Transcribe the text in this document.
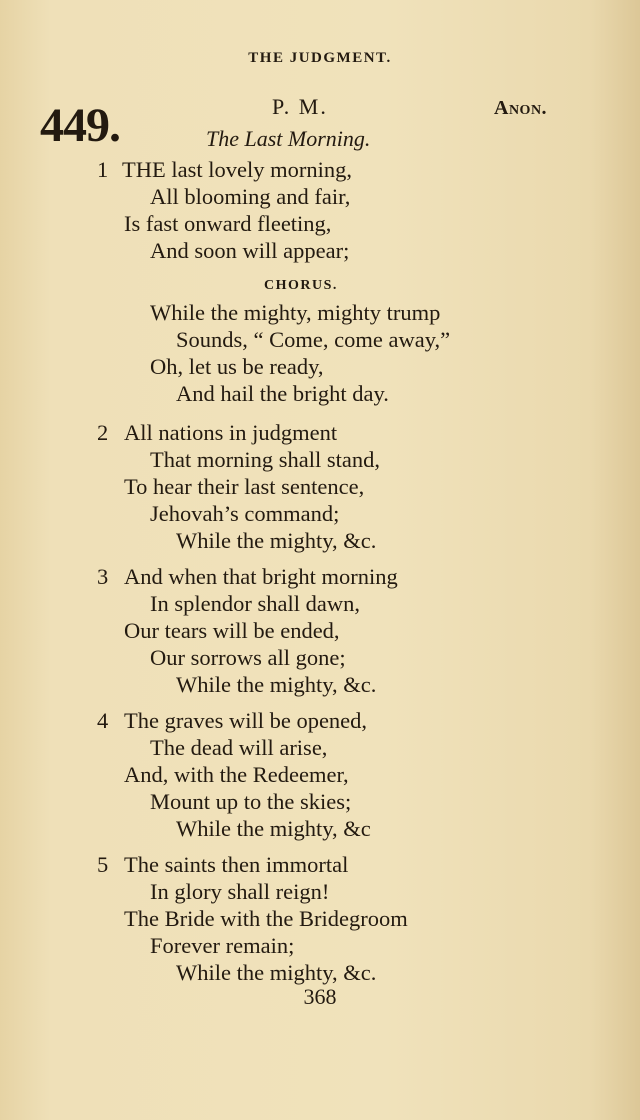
THE JUDGMENT.
449.	P. M.	Anon.
The Last Morning.
1 THE last lovely morning,
All blooming and fair,
Is fast onward fleeting,
And soon will appear;
CHORUS.
While the mighty, mighty trump
Sounds, “ Come, come away,”
Oh, let us be ready,
And hail the bright day.
2 All nations in judgment
That morning shall stand,
To hear their last sentence,
Jehovah’s command;
While the mighty, &c.
3 And when that bright morning
In splendor shall dawn,
Our tears will be ended,
Our sorrows all gone;
While the mighty, &c.
4 The graves will be opened,
The dead will arise,
And, with the Redeemer,
Mount up to the skies;
While the mighty, &c
5 The saints then immortal
In glory shall reign!
The Bride with the Bridegroom
Forever remain;
While the mighty, &c.
368
